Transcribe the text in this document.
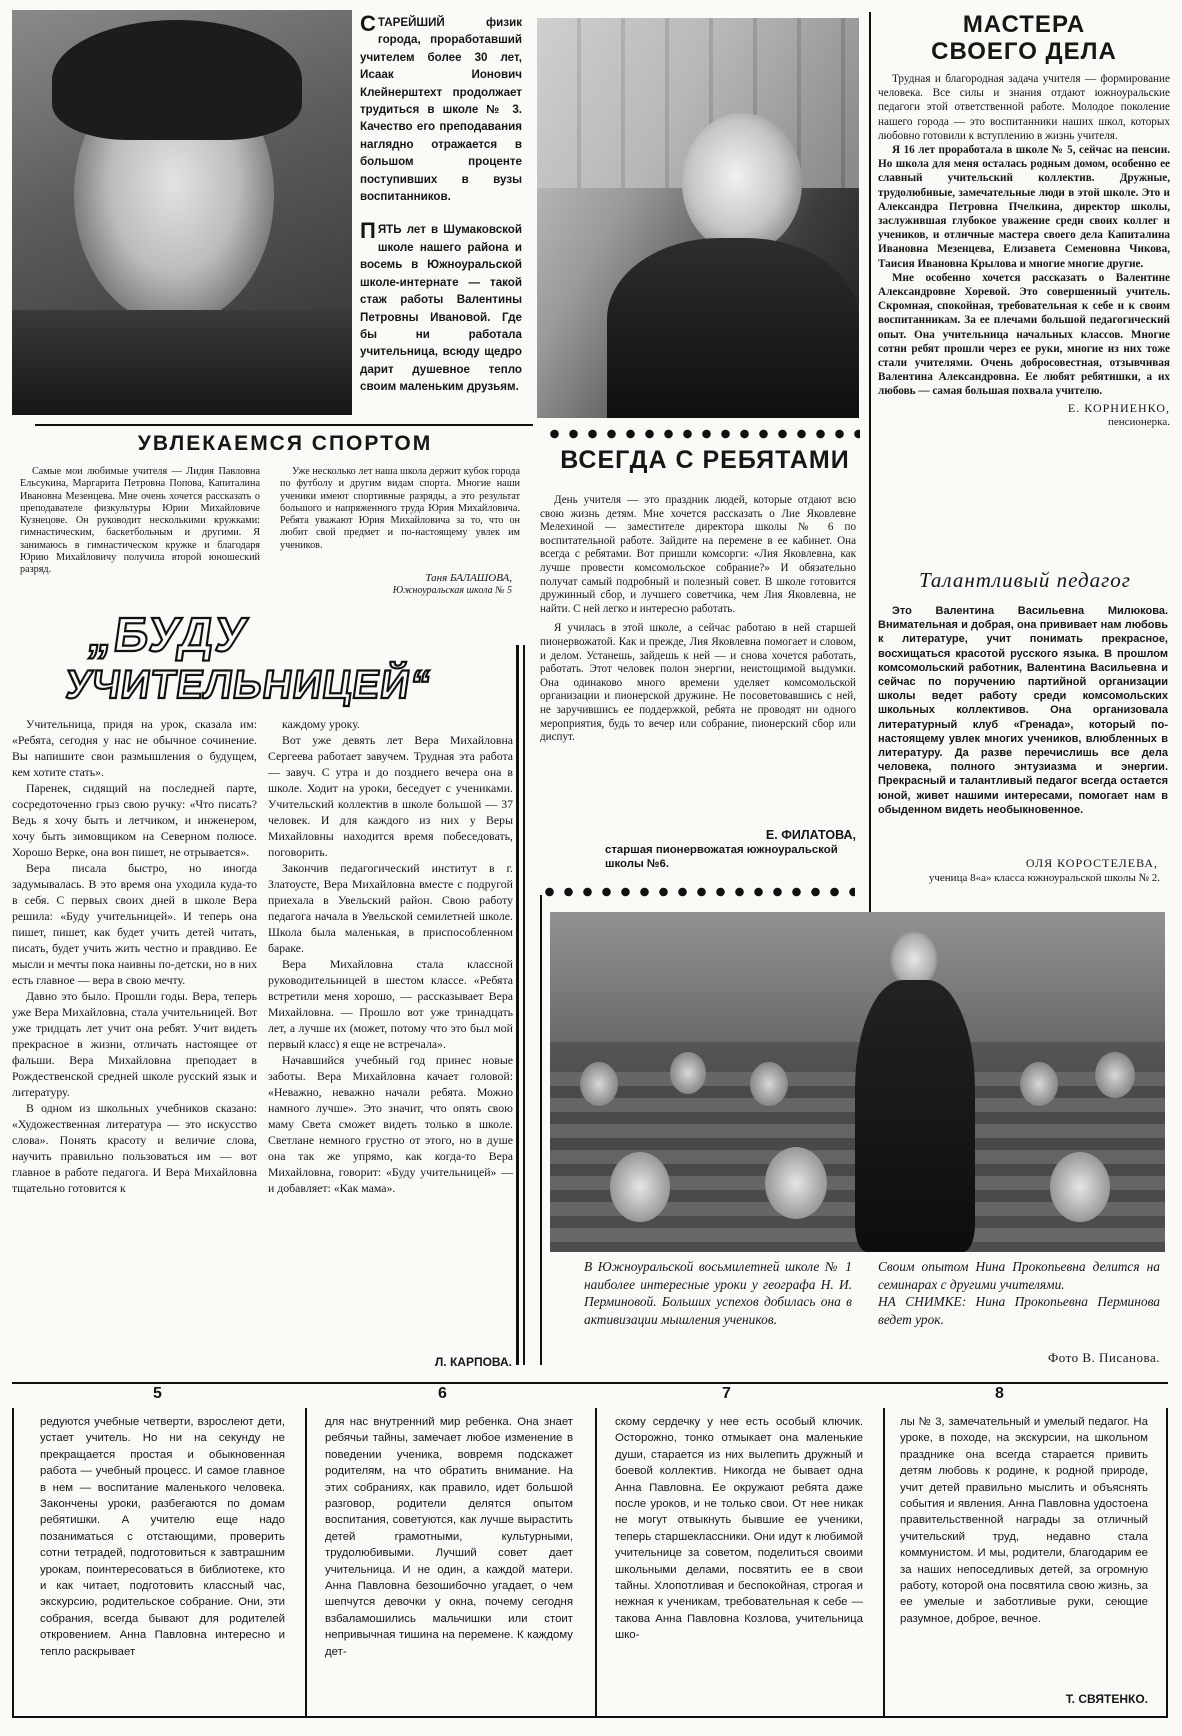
СТАРЕЙШИЙ физик города, проработавший учителем более 30 лет, Исаак Ионович Клейнерштехт продолжает трудиться в школе № 3. Качество его преподавания наглядно отражается в большом проценте поступивших в вузы воспитанников.

ПЯТЬ лет в Шумаковской школе нашего района и восемь в Южноуральской школе-интернате — такой стаж работы Валентины Петровны Ивановой. Где бы ни работала учительница, всюду щедро дарит душевное тепло своим маленьким друзьям.

МАСТЕРА
СВОЕГО ДЕЛА

Трудная и благородная задача учителя — формирование человека. Все силы и знания отдают южноуральские педагоги этой ответственной работе. Молодое поколение нашего города — это воспитанники наших школ, которых любовно готовили к вступлению в жизнь учителя.

Я 16 лет проработала в школе № 5, сейчас на пенсии. Но школа для меня осталась родным домом, особенно ее славный учительский коллектив. Дружные, трудолюбивые, замечательные люди в этой школе. Это и Александра Петровна Пчелкина, директор школы, заслужившая глубокое уважение среди своих коллег и учеников, и отличные мастера своего дела Капиталина Ивановна Мезенцева, Елизавета Семеновна Чикова, Таисия Ивановна Крылова и многие многие другие.

Мне особенно хочется рассказать о Валентине Александровне Хоревой. Это совершенный учитель. Скромная, спокойная, требовательная к себе и к своим воспитанникам. За ее плечами большой педагогический опыт. Она учительница начальных классов. Многие сотни ребят прошли через ее руки, многие из них тоже стали учителями. Очень добросовестная, отзывчивая Валентина Александровна. Ее любят ребятишки, а их любовь — самая большая похвала учителю.

Е. КОРНИЕНКО,
пенсионерка.
УВЛЕКАЕМСЯ СПОРТОМ
Самые мои любимые учителя — Лидия Павловна Ельсукина, Маргарита Петровна Попова, Капиталина Ивановна Мезенцева. Мне очень хочется рассказать о преподавателе физкультуры Юрии Михайловиче Кузнецове. Он руководит несколькими кружками: гимнастическим, баскетбольным и другими. Я занимаюсь в гимнастическом кружке и благодаря Юрию Михайловичу получила второй юношеский разряд.
Уже несколько лет наша школа держит кубок города по футболу и другим видам спорта. Многие наши ученики имеют спортивные разряды, а это результат большого и напряженного труда Юрия Михайловича. Ребята уважают Юрия Михайловича за то, что он любит свой предмет и по-настоящему увлек им учеников.
Таня БАЛАШОВА,
Южноуральская школа № 5
ВСЕГДА С РЕБЯТАМИ

День учителя — это праздник людей, которые отдают всю свою жизнь детям. Мне хочется рассказать о Лие Яковлевне Мелехиной — заместителе директора школы № 6 по воспитательной работе. Зайдите на перемене в ее кабинет. Она всегда с ребятами. Вот пришли комсорги: «Лия Яковлевна, как лучше провести комсомольское собрание?» И обязательно получат самый подробный и полезный совет. В школе готовится дружинный сбор, и лучшего советчика, чем Лия Яковлевна, не найти. С ней легко и интересно работать.

Я училась в этой школе, а сейчас работаю в ней старшей пионервожатой. Как и прежде, Лия Яковлевна помогает и словом, и делом. Устанешь, зайдешь к ней — и снова хочется работать, работать. Этот человек полон энергии, неистощимой выдумки. Она одинаково много времени уделяет комсомольской организации и пионерской дружине. Не посоветовавшись с ней, не заручившись ее поддержкой, ребята не проводят ни одного мероприятия, будь то вечер или собрание, пионерский сбор или диспут.

Е. ФИЛАТОВА,
старшая пионервожатая южноуральской школы №6.
Талантливый педагог
Это Валентина Васильевна Милюкова. Внимательная и добрая, она прививает нам любовь к литературе, учит понимать прекрасное, восхищаться красотой русского языка. В прошлом комсомольский работник, Валентина Васильевна и сейчас по поручению партийной организации школы ведет работу среди комсомольских школьных коллективов. Она организовала литературный клуб «Гренада», который по-настоящему увлек многих учеников, влюбленных в литературу. Да разве перечислишь все дела человека, полного энтузиазма и энергии. Прекрасный и талантливый педагог всегда остается юной, живет нашими интересами, помогает нам в обыденном видеть необыкновенное.
ОЛЯ КОРОСТЕЛЕВА,
ученица 8«а» класса южноуральской школы № 2.
„БУДУ
УЧИТЕЛЬНИЦЕЙ“

Учительница, придя на урок, сказала им: «Ребята, сегодня у нас не обычное сочинение. Вы напишите свои размышления о будущем, кем хотите стать».

Паренек, сидящий на последней парте, сосредоточенно грыз свою ручку: «Что писать? Ведь я хочу быть и летчиком, и инженером, хочу быть зимовщиком на Северном полюсе. Хорошо Верке, она вон пишет, не отрывается».

Вера писала быстро, но иногда задумывалась. В это время она уходила куда-то в себя. С первых своих дней в школе Вера решила: «Буду учительницей». И теперь она пишет, пишет, как будет учить детей читать, писать, будет учить жить честно и правдиво. Ее мысли и мечты пока наивны по-детски, но в них есть главное — вера в свою мечту.

Давно это было. Прошли годы. Вера, теперь уже Вера Михайловна, стала учительницей. Вот уже тридцать лет учит она ребят. Учит видеть прекрасное в жизни, отличать настоящее от фальши. Вера Михайловна преподает в Рождественской средней школе русский язык и литературу.

В одном из школьных учебников сказано: «Художественная литература — это искусство слова». Понять красоту и величие слова, научить правильно пользоваться им — вот главное в работе педагога. И Вера Михайловна тщательно готовится к

каждому уроку.

Вот уже девять лет Вера Михайловна Сергеева работает завучем. Трудная эта работа — завуч. С утра и до позднего вечера она в школе. Ходит на уроки, беседует с учениками. Учительский коллектив в школе большой — 37 человек. И для каждого из них у Веры Михайловны находится время побеседовать, поговорить.

Закончив педагогический институт в г. Златоусте, Вера Михайловна вместе с подругой приехала в Увельский район. Свою работу педагога начала в Увельской семилетней школе. Школа была маленькая, в приспособленном бараке.

Вера Михайловна стала классной руководительницей в шестом классе. «Ребята встретили меня хорошо, — рассказывает Вера Михайловна. — Прошло вот уже тринадцать лет, а лучше их (может, потому что это был мой первый класс) я еще не встречала».

Начавшийся учебный год принес новые заботы. Вера Михайловна качает головой: «Неважно, неважно начали ребята. Можно намного лучше». Это значит, что опять свою маму Света сможет видеть только в школе. Светлане немного грустно от этого, но в душе она так же упрямо, как когда-то Вера Михайловна, говорит: «Буду учительницей» — и добавляет: «Как мама».

Л. КАРПОВА.
В Южноуральской восьмилетней школе № 1 наиболее интересные уроки у географа Н. И. Перминовой. Больших успехов добилась она в активизации мышления учеников.

Своим опытом Нина Прокопьевна делится на семинарах с другими учителями.

НА СНИМКЕ: Нина Прокопьевна Перминова ведет урок.

Фото В. Писанова.
5	6	7	8
редуются учебные четверти, взрослеют дети, устает учитель. Но ни на секунду не прекращается простая и обыкновенная работа — учебный процесс. И самое главное в нем — воспитание маленького человека. Закончены уроки, разбегаются по домам ребятишки. А учителю еще надо позаниматься с отстающими, проверить сотни тетрадей, подготовиться к завтрашним урокам, поинтересоваться в библиотеке, кто и как читает, подготовить классный час, экскурсию, родительское собрание. Они, эти собрания, всегда бывают для родителей откровением. Анна Павловна интересно и тепло раскрывает
для нас внутренний мир ребенка. Она знает ребячьи тайны, замечает любое изменение в поведении ученика, вовремя подскажет родителям, на что обратить внимание. На этих собраниях, как правило, идет большой разговор, родители делятся опытом воспитания, советуются, как лучше вырастить детей грамотными, культурными, трудолюбивыми. Лучший совет дает учительница. И не один, а каждой матери. Анна Павловна безошибочно угадает, о чем шепчутся девочки у окна, почему сегодня взбаламошились мальчишки или стоит непривычная тишина на перемене. К каждому дет-
скому сердечку у нее есть особый ключик. Осторожно, тонко отмыкает она маленькие души, старается из них вылепить дружный и боевой коллектив. Никогда не бывает одна Анна Павловна. Ее окружают ребята даже после уроков, и не только свои. От нее никак не могут отвыкнуть бывшие ее ученики, теперь старшеклассники. Они идут к любимой учительнице за советом, поделиться своими школьными делами, посвятить ее в свои тайны. Хлопотливая и беспокойная, строгая и нежная к ученикам, требовательная к себе — такова Анна Павловна Козлова, учительница шко-
лы № 3, замечательный и умелый педагог. На уроке, в походе, на экскурсии, на школьном празднике она всегда старается привить детям любовь к родине, к родной природе, учит детей правильно мыслить и объяснять события и явления. Анна Павловна удостоена правительственной награды за отличный учительский труд, недавно стала коммунистом. И мы, родители, благодарим ее за наших непоседливых детей, за огромную работу, которой она посвятила свою жизнь, за ее умелые и заботливые руки, сеющие разумное, доброе, вечное.
Т. СВЯТЕНКО.
